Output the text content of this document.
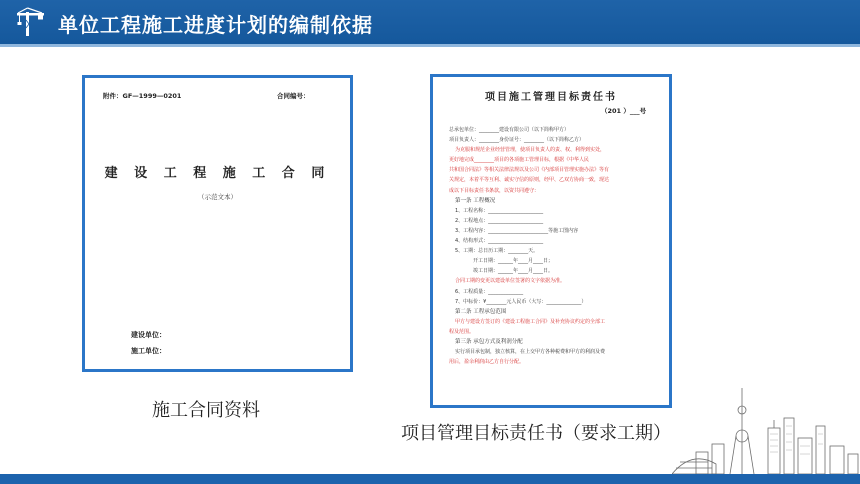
单位工程施工进度计划的编制依据
附件：GF—1999—0201	合同编号：
建 设 工 程 施 工 合 同
（示范文本）
建设单位：
施工单位：
施工合同资料
项目施工管理目标责任书
（201 ）___号
总承包单位：________建设有限公司（以下简称甲方）
项目负责人：________身份证号：________（以下简称乙方）
为克服和规范企业经营管理，使项目负责人的责、权、利得到实处，
更好地完成________项目的各项施工管理目标，根据《中华人民
共和国合同法》等相关法律法规以及公司《内部项目管理实施办法》等有
关规定，本着平等互利、诚实守信的原则，经甲、乙双方协商一致，现达
成以下目标责任书条款，以资共同遵守：
第一条 工程概况
1、工程名称：______________________
2、工程地点：______________________
3、工程内容：________________________等施工图内容
4、结构形式：______________________
5、工期：总日历工期：________天。
开工日期：______年____月____日；
竣工日期：______年____月____日。
合同工期的变更以建设单位签署的文字依据为准。
6、工程质量：______________
7、中标价：¥________元人民币（大写：______________）
第二条 工程承包范围
甲方与建设方签订的《建设工程施工合同》及补充协议约定的全部工
程及范围。
第三条 承包方式及利润分配
实行项目承包制，独立核算，在上交甲方各种税费和甲方的利润及费
用后，盈余利润由乙方自行分配。
项目管理目标责任书（要求工期）
